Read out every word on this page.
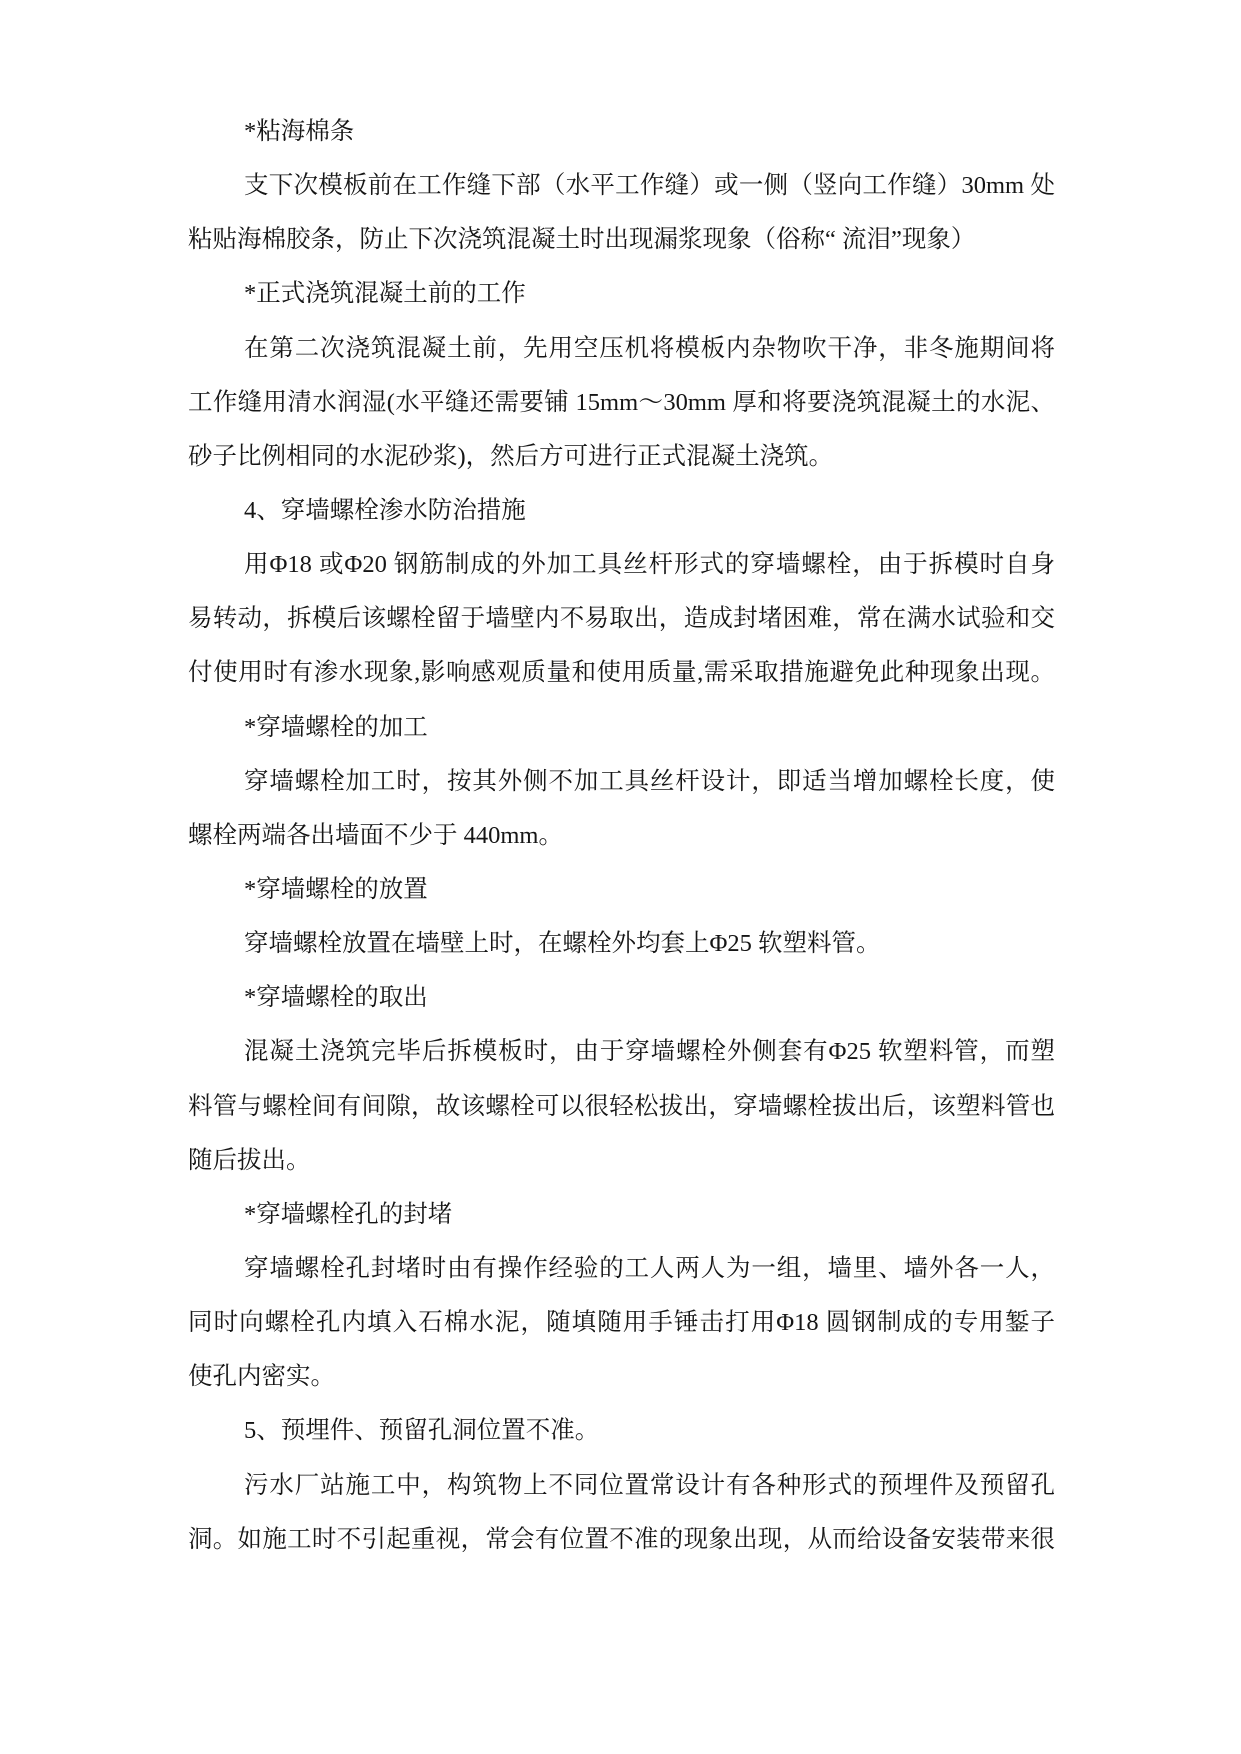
*粘海棉条
支下次模板前在工作缝下部（水平工作缝）或一侧（竖向工作缝）30mm 处
粘贴海棉胶条，防止下次浇筑混凝土时出现漏浆现象（俗称“ 流泪”现象）
*正式浇筑混凝土前的工作
在第二次浇筑混凝土前，先用空压机将模板内杂物吹干净，非冬施期间将
工作缝用清水润湿(水平缝还需要铺 15mm～30mm 厚和将要浇筑混凝土的水泥、
砂子比例相同的水泥砂浆)，然后方可进行正式混凝土浇筑。
4、穿墙螺栓渗水防治措施
用Φ18 或Φ20 钢筋制成的外加工具丝杆形式的穿墙螺栓，由于拆模时自身
易转动，拆模后该螺栓留于墙壁内不易取出，造成封堵困难，常在满水试验和交
付使用时有渗水现象,影响感观质量和使用质量,需采取措施避免此种现象出现。
*穿墙螺栓的加工
穿墙螺栓加工时，按其外侧不加工具丝杆设计，即适当增加螺栓长度，使
螺栓两端各出墙面不少于 440mm。
*穿墙螺栓的放置
穿墙螺栓放置在墙壁上时，在螺栓外均套上Φ25 软塑料管。
*穿墙螺栓的取出
混凝土浇筑完毕后拆模板时，由于穿墙螺栓外侧套有Φ25 软塑料管，而塑
料管与螺栓间有间隙，故该螺栓可以很轻松拔出，穿墙螺栓拔出后，该塑料管也
随后拔出。
*穿墙螺栓孔的封堵
穿墙螺栓孔封堵时由有操作经验的工人两人为一组，墙里、墙外各一人，
同时向螺栓孔内填入石棉水泥，随填随用手锤击打用Φ18 圆钢制成的专用錾子
使孔内密实。
5、预埋件、预留孔洞位置不准。
污水厂站施工中，构筑物上不同位置常设计有各种形式的预埋件及预留孔
洞。如施工时不引起重视，常会有位置不准的现象出现，从而给设备安装带来很
